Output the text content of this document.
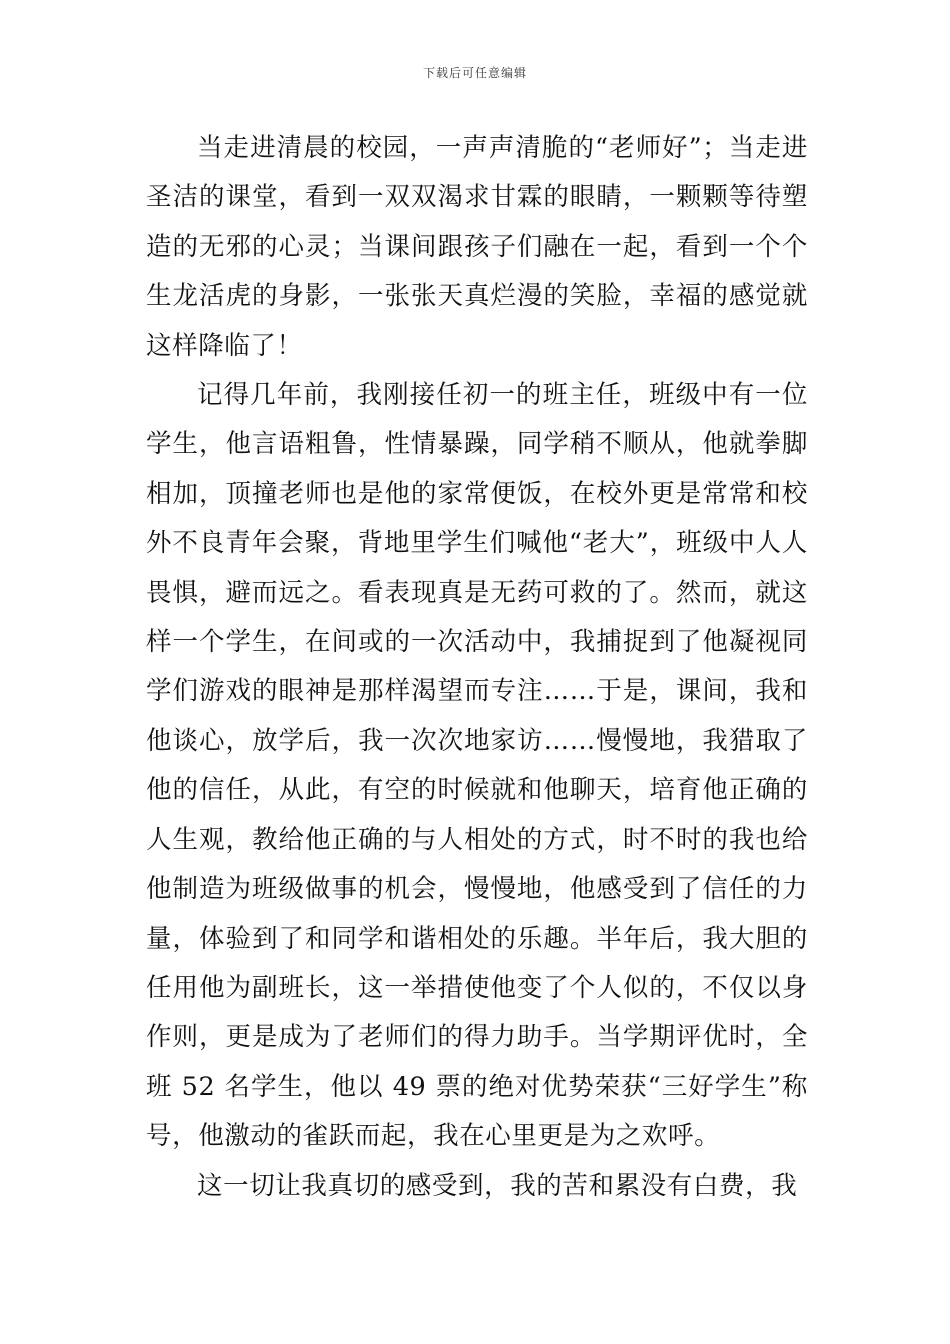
下载后可任意编辑

当走进清晨的校园，一声声清脆的“老师好”；当走进圣洁的课堂，看到一双双渴求甘霖的眼睛，一颗颗等待塑造的无邪的心灵；当课间跟孩子们融在一起，看到一个个生龙活虎的身影，一张张天真烂漫的笑脸，幸福的感觉就这样降临了！

记得几年前，我刚接任初一的班主任，班级中有一位学生，他言语粗鲁，性情暴躁，同学稍不顺从，他就拳脚相加，顶撞老师也是他的家常便饭，在校外更是常常和校外不良青年会聚，背地里学生们喊他“老大”，班级中人人畏惧，避而远之。看表现真是无药可救的了。然而，就这样一个学生，在间或的一次活动中，我捕捉到了他凝视同学们游戏的眼神是那样渴望而专注……于是，课间，我和他谈心，放学后，我一次次地家访……慢慢地，我猎取了他的信任，从此，有空的时候就和他聊天，培育他正确的人生观，教给他正确的与人相处的方式，时不时的我也给他制造为班级做事的机会，慢慢地，他感受到了信任的力量，体验到了和同学和谐相处的乐趣。半年后，我大胆的任用他为副班长，这一举措使他变了个人似的，不仅以身作则，更是成为了老师们的得力助手。当学期评优时，全班 52 名学生，他以 49 票的绝对优势荣获“三好学生”称号，他激动的雀跃而起，我在心里更是为之欢呼。

这一切让我真切的感受到，我的苦和累没有白费，我
